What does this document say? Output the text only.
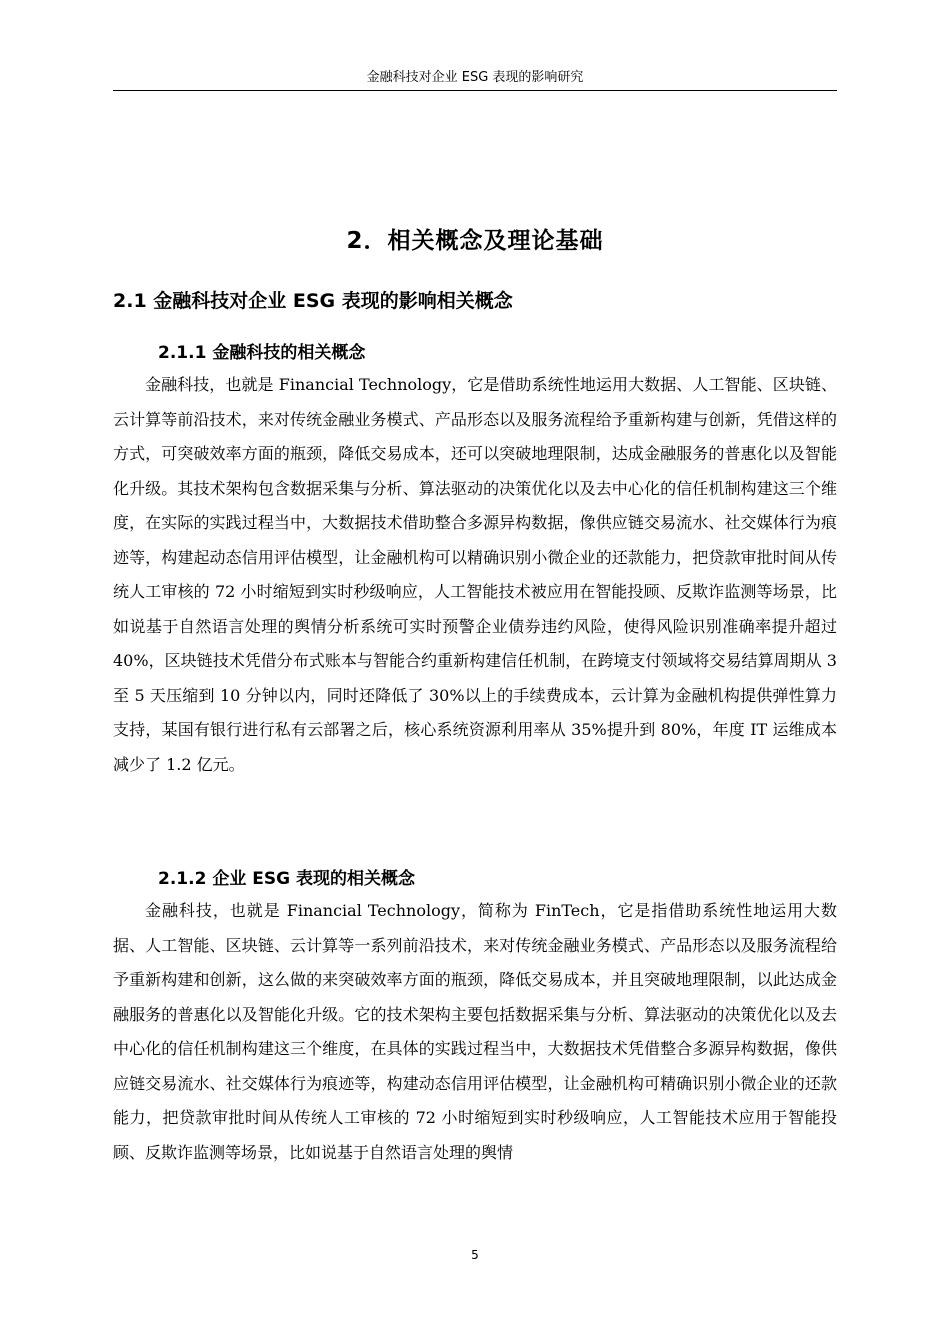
金融科技对企业 ESG 表现的影响研究
2．相关概念及理论基础
2.1 金融科技对企业 ESG 表现的影响相关概念
2.1.1 金融科技的相关概念

金融科技，也就是 Financial Technology，它是借助系统性地运用大数据、人工智能、区块链、云计算等前沿技术，来对传统金融业务模式、产品形态以及服务流程给予重新构建与创新，凭借这样的方式，可突破效率方面的瓶颈，降低交易成本，还可以突破地理限制，达成金融服务的普惠化以及智能化升级。其技术架构包含数据采集与分析、算法驱动的决策优化以及去中心化的信任机制构建这三个维度，在实际的实践过程当中，大数据技术借助整合多源异构数据，像供应链交易流水、社交媒体行为痕迹等，构建起动态信用评估模型，让金融机构可以精确识别小微企业的还款能力，把贷款审批时间从传统人工审核的 72 小时缩短到实时秒级响应，人工智能技术被应用在智能投顾、反欺诈监测等场景，比如说基于自然语言处理的舆情分析系统可实时预警企业债券违约风险，使得风险识别准确率提升超过 40%，区块链技术凭借分布式账本与智能合约重新构建信任机制，在跨境支付领域将交易结算周期从 3 至 5 天压缩到 10 分钟以内，同时还降低了 30%以上的手续费成本，云计算为金融机构提供弹性算力支持，某国有银行进行私有云部署之后，核心系统资源利用率从 35%提升到 80%，年度 IT 运维成本减少了 1.2 亿元。

2.1.2 企业 ESG 表现的相关概念

金融科技，也就是 Financial Technology，简称为 FinTech，它是指借助系统性地运用大数据、人工智能、区块链、云计算等一系列前沿技术，来对传统金融业务模式、产品形态以及服务流程给予重新构建和创新，这么做的来突破效率方面的瓶颈，降低交易成本，并且突破地理限制，以此达成金融服务的普惠化以及智能化升级。它的技术架构主要包括数据采集与分析、算法驱动的决策优化以及去中心化的信任机制构建这三个维度，在具体的实践过程当中，大数据技术凭借整合多源异构数据，像供应链交易流水、社交媒体行为痕迹等，构建动态信用评估模型，让金融机构可精确识别小微企业的还款能力，把贷款审批时间从传统人工审核的 72 小时缩短到实时秒级响应，人工智能技术应用于智能投顾、反欺诈监测等场景，比如说基于自然语言处理的舆情

5
